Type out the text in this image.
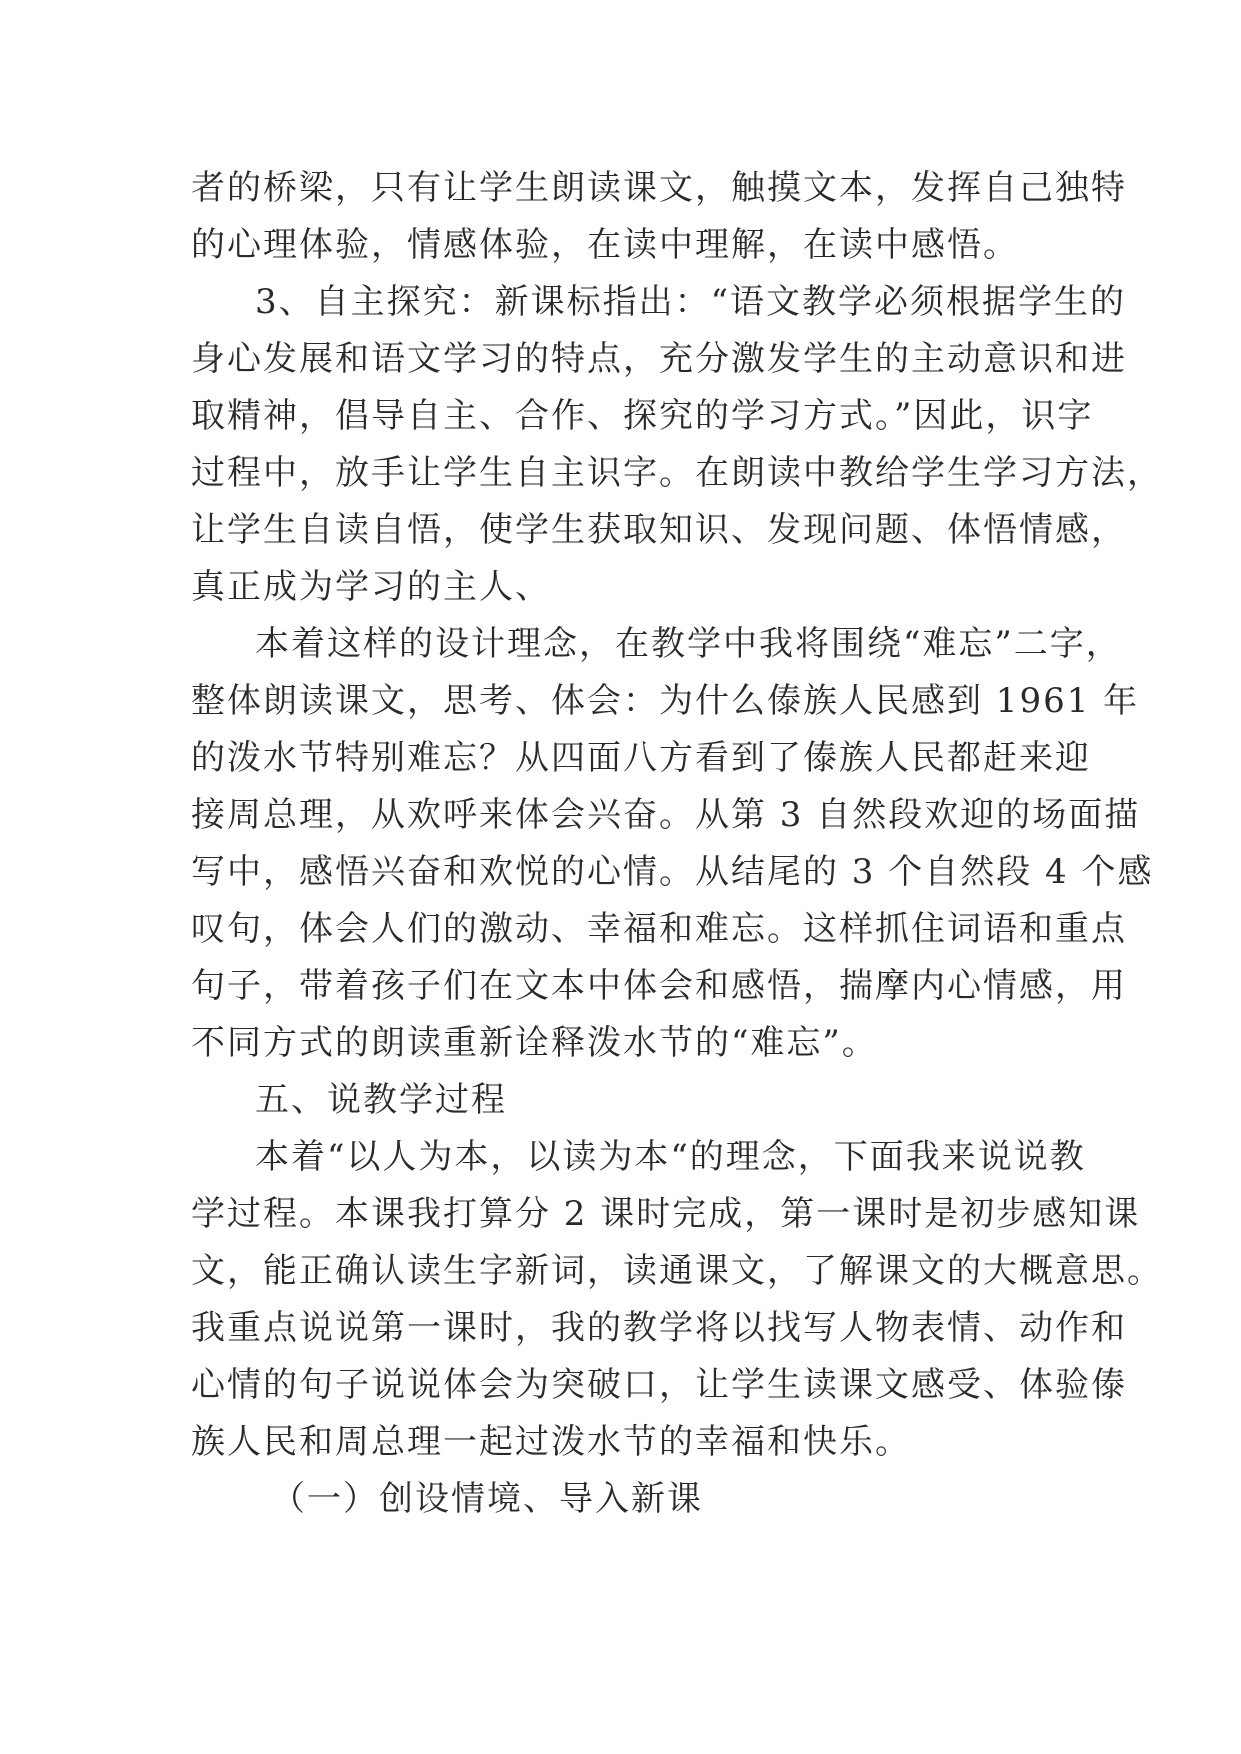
者的桥梁，只有让学生朗读课文，触摸文本，发挥自己独特
的心理体验，情感体验，在读中理解，在读中感悟。
3、自主探究：新课标指出：“语文教学必须根据学生的
身心发展和语文学习的特点，充分激发学生的主动意识和进
取精神，倡导自主、合作、探究的学习方式。”因此，识字
过程中，放手让学生自主识字。在朗读中教给学生学习方法，
让学生自读自悟，使学生获取知识、发现问题、体悟情感，
真正成为学习的主人、
本着这样的设计理念，在教学中我将围绕“难忘”二字，
整体朗读课文，思考、体会：为什么傣族人民感到 1961 年
的泼水节特别难忘？从四面八方看到了傣族人民都赶来迎
接周总理，从欢呼来体会兴奋。从第 3 自然段欢迎的场面描
写中，感悟兴奋和欢悦的心情。从结尾的 3 个自然段 4 个感
叹句，体会人们的激动、幸福和难忘。这样抓住词语和重点
句子，带着孩子们在文本中体会和感悟，揣摩内心情感，用
不同方式的朗读重新诠释泼水节的“难忘”。
五、说教学过程
本着“以人为本，以读为本“的理念，下面我来说说教
学过程。本课我打算分 2 课时完成，第一课时是初步感知课
文，能正确认读生字新词，读通课文，了解课文的大概意思。
我重点说说第一课时，我的教学将以找写人物表情、动作和
心情的句子说说体会为突破口，让学生读课文感受、体验傣
族人民和周总理一起过泼水节的幸福和快乐。
（一）创设情境、导入新课
